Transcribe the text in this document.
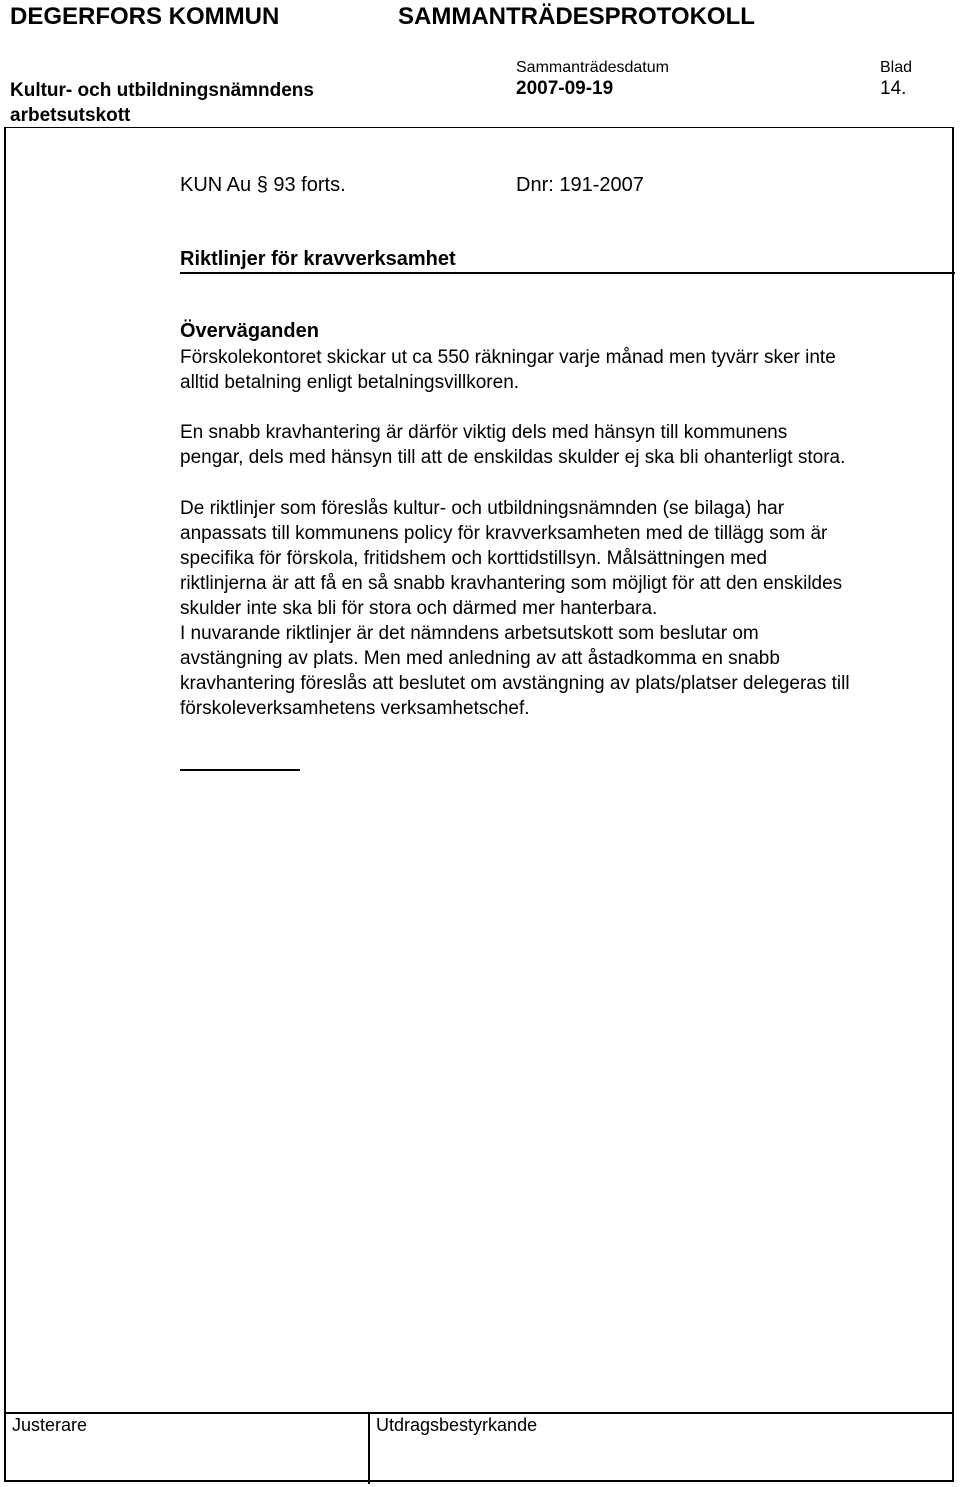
DEGERFORS KOMMUN	SAMMANTRÄDESPROTOKOLL
Sammanträdesdatum	Blad
Kultur- och utbildningsnämndens arbetsutskott
2007-09-19	14.
KUN Au § 93 forts.	Dnr: 191-2007
Riktlinjer för kravverksamhet
Överväganden
Förskolekontoret skickar ut ca 550 räkningar varje månad men tyvärr sker inte
alltid betalning enligt betalningsvillkoren.
En snabb kravhantering är därför viktig dels med hänsyn till kommunens
pengar, dels med hänsyn till att de enskildas skulder ej ska bli ohanterligt stora.
De riktlinjer som föreslås kultur- och utbildningsnämnden (se bilaga) har
anpassats till kommunens policy för kravverksamheten med de tillägg som är
specifika för förskola, fritidshem och korttidstillsyn. Målsättningen med
riktlinjerna är att få en så snabb kravhantering som möjligt för att den enskildes
skulder inte ska bli för stora och därmed mer hanterbara.
I nuvarande riktlinjer är det nämndens arbetsutskott som beslutar om
avstängning av plats. Men med anledning av att åstadkomma en snabb
kravhantering föreslås att beslutet om avstängning av plats/platser delegeras till
förskoleverksamhetens verksamhetschef.
Justerare	Utdragsbestyrkande
